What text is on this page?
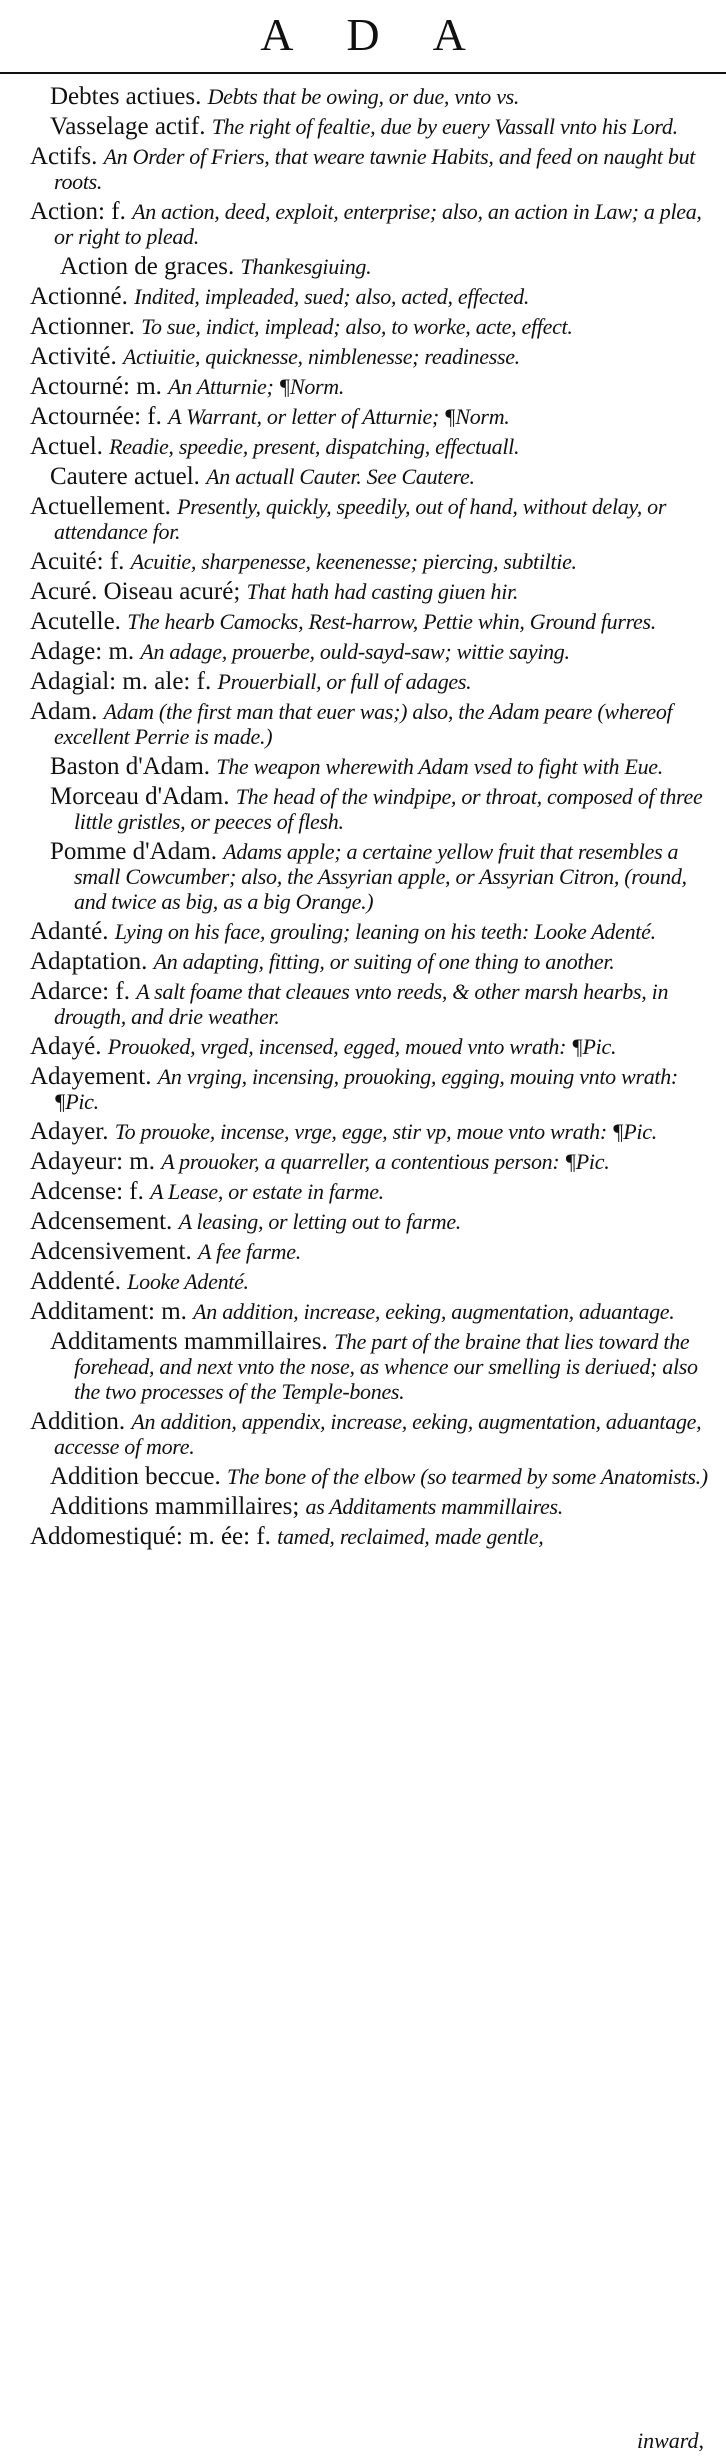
A D A
Debtes actiues. Debts that be owing, or due, vnto vs.
Vasselage actif. The right of fealtie, due by euery Vassall vnto his Lord.
Actifs. An Order of Friers, that weare tawnie Habits, and feed on naught but roots.
Action: f. An action, deed, exploit, enterprise; also, an action in Law; a plea, or right to plead.
Action de graces. Thankesgiuing.
Actionné. Indited, impleaded, sued; also, acted, effected.
Actionner. To sue, indict, implead; also, to worke, acte, effect.
Activité. Actiuitie, quicknesse, nimblenesse; readinesse.
Actourné: m. An Atturnie; ¶Norm.
Actournée: f. A Warrant, or letter of Atturnie; ¶Norm.
Actuel. Readie, speedie, present, dispatching, effectuall.
Cautere actuel. An actuall Cauter. See Cautere.
Actuellement. Presently, quickly, speedily, out of hand, without delay, or attendance for.
Acuité: f. Acuitie, sharpenesse, keenenesse; piercing, subtiltie.
Acuré. Oiseau acuré; That hath had casting giuen hir.
Acutelle. The hearb Camocks, Rest-harrow, Pettie whin, Ground furres.
Adage: m. An adage, prouerbe, ould-sayd-saw; wittie saying.
Adagial: m. ale: f. Prouerbiall, or full of adages.
Adam. Adam (the first man that euer was;) also, the Adam peare (whereof excellent Perrie is made.)
Baston d'Adam. The weapon wherewith Adam vsed to fight with Eue.
Morceau d'Adam. The head of the windpipe, or throat, composed of three little gristles, or peeces of flesh.
Pomme d'Adam. Adams apple; a certaine yellow fruit that resembles a small Cowcumber; also, the Assyrian apple, or Assyrian Citron, (round, and twice as big, as a big Orange.)
Adanté. Lying on his face, grouling; leaning on his teeth: Looke Adenté.
Adaptation. An adapting, fitting, or suiting of one thing to another.
Adarce: f. A salt foame that cleaues vnto reeds, & other marsh hearbs, in drougth, and drie weather.
Adayé. Prouoked, vrged, incensed, egged, moued vnto wrath: ¶Pic.
Adayement. An vrging, incensing, prouoking, egging, mouing vnto wrath: ¶Pic.
Adayer. To prouoke, incense, vrge, egge, stir vp, moue vnto wrath: ¶Pic.
Adayeur: m. A prouoker, a quarreller, a contentious person: ¶Pic.
Adcense: f. A Lease, or estate in farme.
Adcensement. A leasing, or letting out to farme.
Adcensivement. A fee farme.
Addenté. Looke Adenté.
Additament: m. An addition, increase, eeking, augmentation, aduantage.
Additaments mammillaires. The part of the braine that lies toward the forehead, and next vnto the nose, as whence our smelling is deriued; also the two processes of the Temple-bones.
Addition. An addition, appendix, increase, eeking, augmentation, aduantage, accesse of more.
Addition beccue. The bone of the elbow (so tearmed by some Anatomists.)
Additions mammillaires; as Additaments mammillaires.
Addomestiqué: m. ée: f. tamed, reclaimed, made gentle,
inward,
